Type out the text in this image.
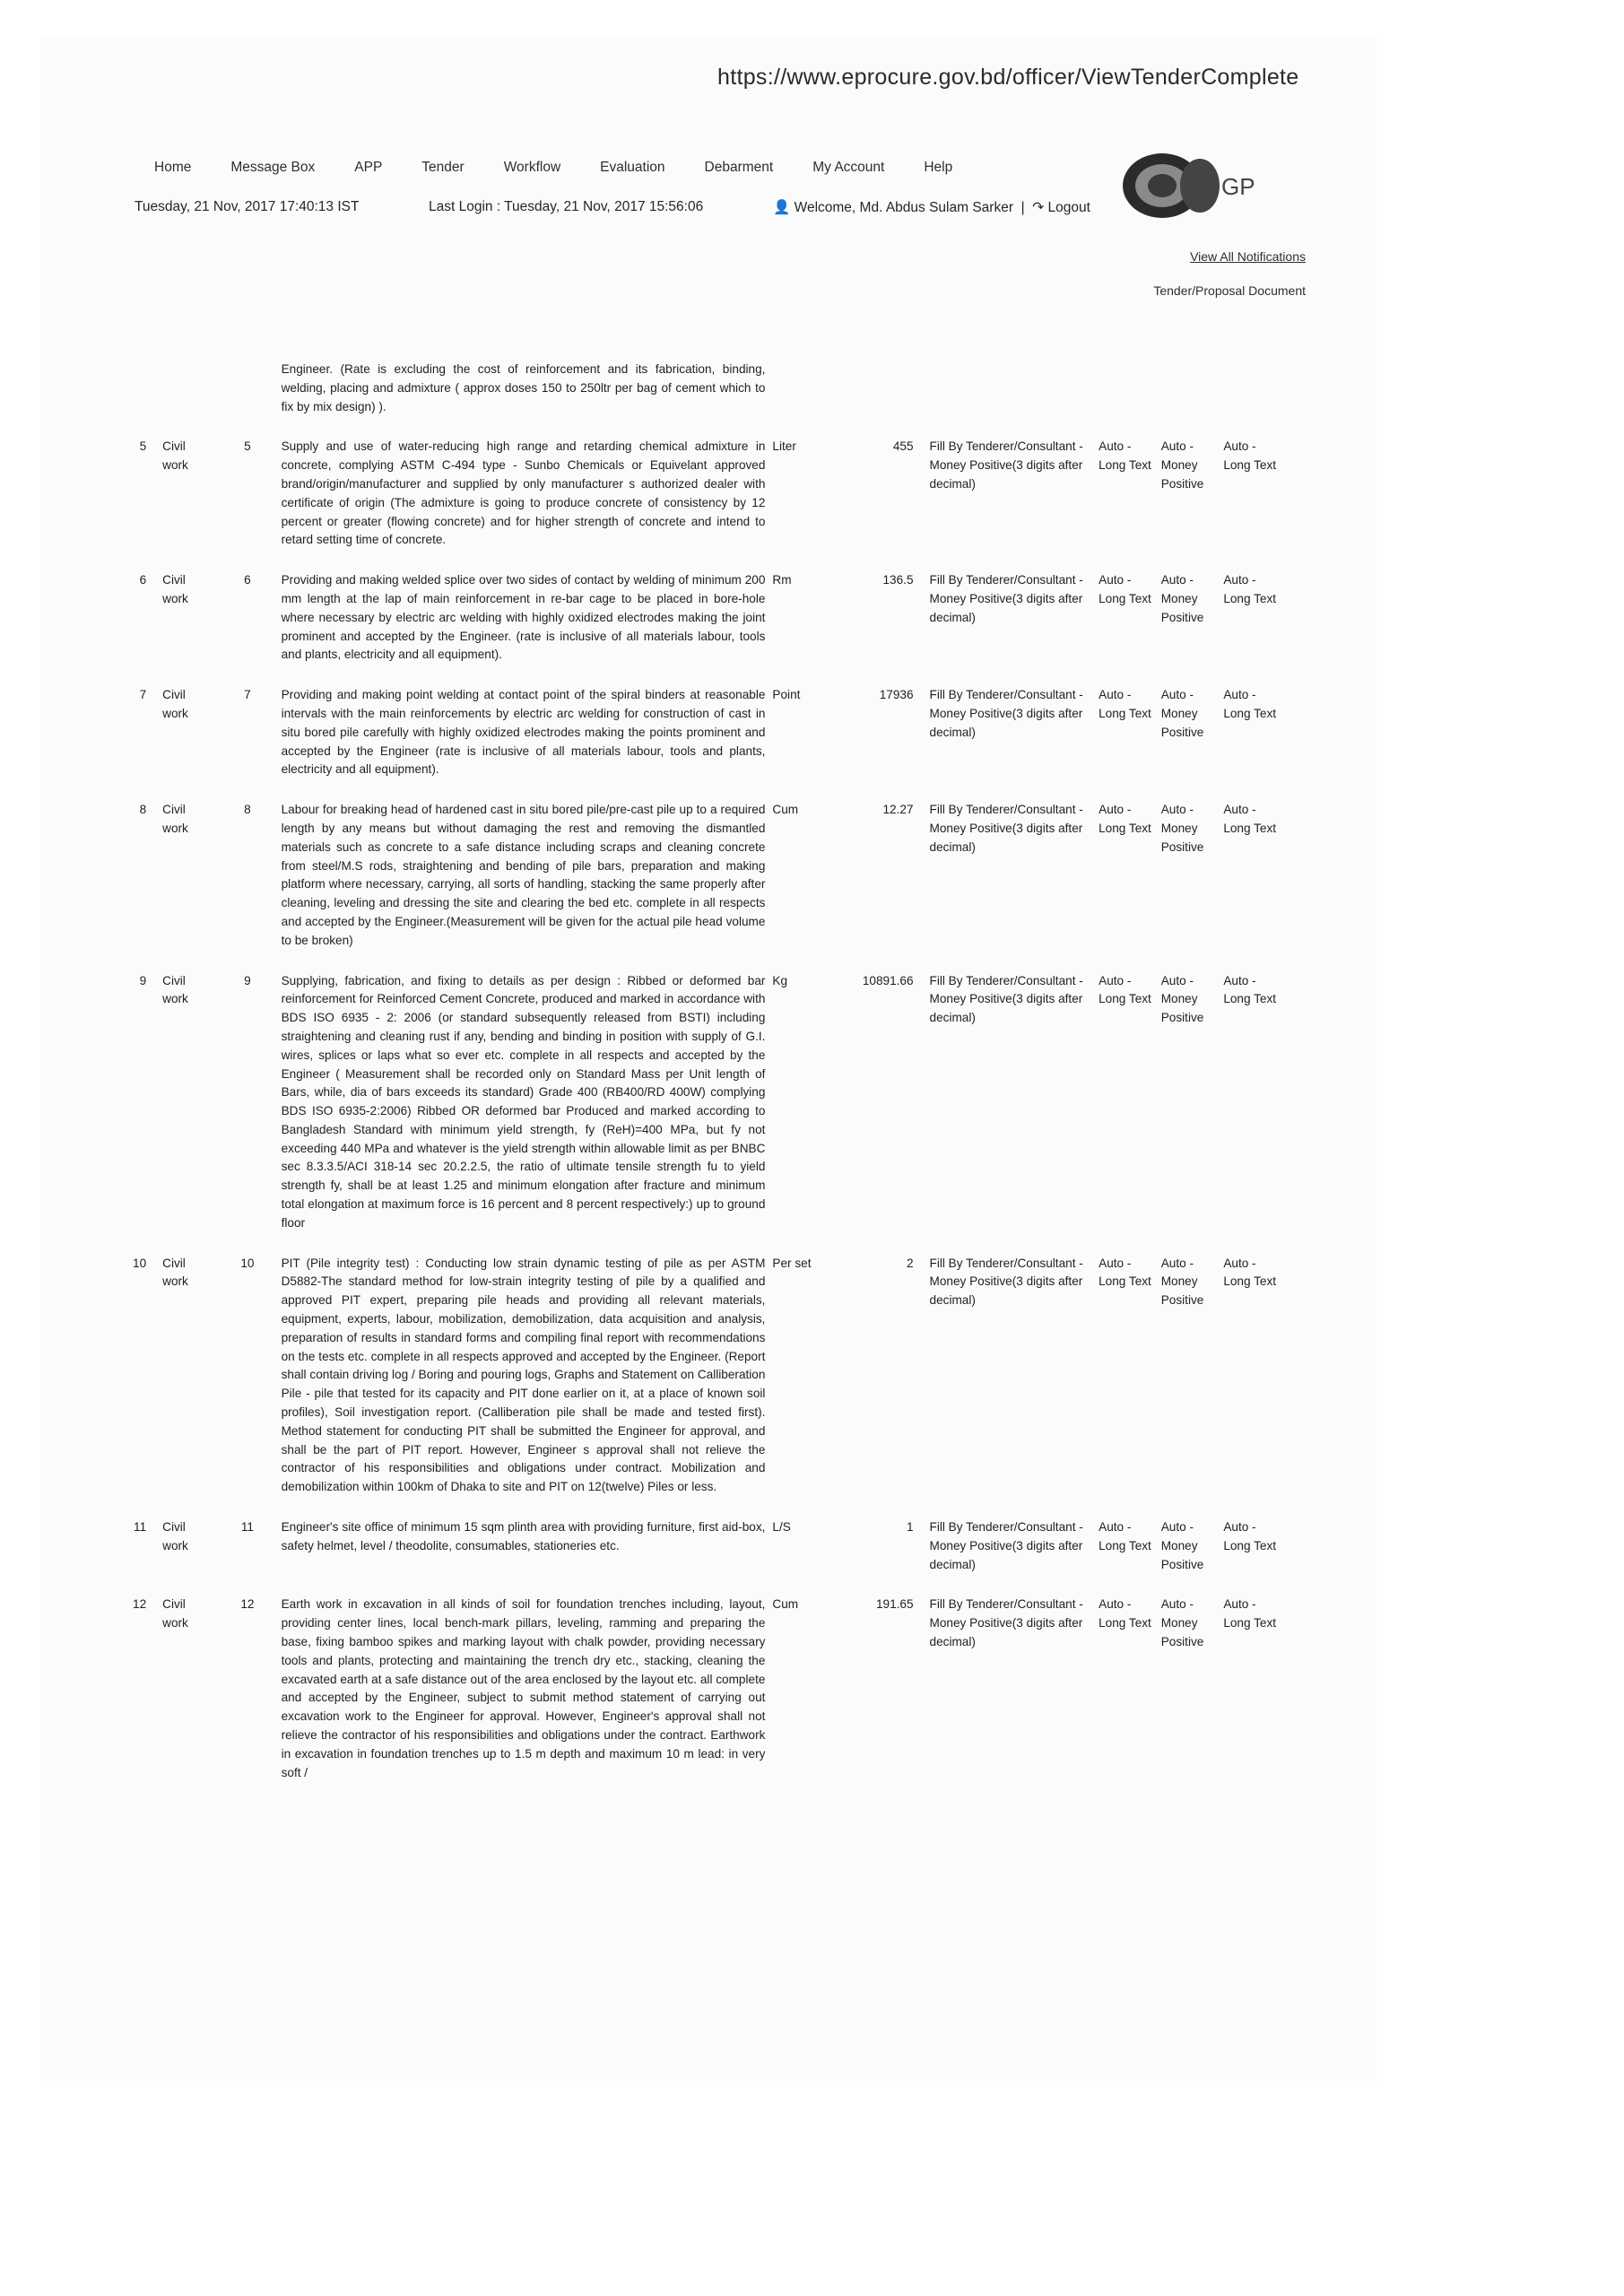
https://www.eprocure.gov.bd/officer/ViewTenderComplete
Home	Message Box	APP	Tender	Workflow	Evaluation	Debarment	My Account	Help
GP
Tuesday, 21 Nov, 2017 17:40:13 IST	Last Login : Tuesday, 21 Nov, 2017 15:56:06	👤 Welcome, Md. Abdus Sulam Sarker  |  ↷ Logout
View All Notifications
Tender/Proposal Document
			Engineer. (Rate is excluding the cost of reinforcement and its fabrication, binding, welding, placing and admixture ( approx doses 150 to 250ltr per bag of cement which to fix by mix design) ).						
5	Civil work	5	Supply and use of water-reducing high range and retarding chemical admixture in concrete, complying ASTM C-494 type - Sunbo Chemicals or Equivelant approved brand/origin/manufacturer and supplied by only manufacturer s authorized dealer with certificate of origin (The admixture is going to produce concrete of consistency by 12 percent or greater (flowing concrete) and for higher strength of concrete and intend to retard setting time of concrete.	Liter	455	Fill By Tenderer/Consultant - Money Positive(3 digits after decimal)	Auto - Long Text	Auto - Money Positive	Auto - Long Text
6	Civil work	6	Providing and making welded splice over two sides of contact by welding of minimum 200 mm length at the lap of main reinforcement in re-bar cage to be placed in bore-hole where necessary by electric arc welding with highly oxidized electrodes making the joint prominent and accepted by the Engineer. (rate is inclusive of all materials labour, tools and plants, electricity and all equipment).	Rm	136.5	Fill By Tenderer/Consultant - Money Positive(3 digits after decimal)	Auto - Long Text	Auto - Money Positive	Auto - Long Text
7	Civil work	7	Providing and making point welding at contact point of the spiral binders at reasonable intervals with the main reinforcements by electric arc welding for construction of cast in situ bored pile carefully with highly oxidized electrodes making the points prominent and accepted by the Engineer (rate is inclusive of all materials labour, tools and plants, electricity and all equipment).	Point	17936	Fill By Tenderer/Consultant - Money Positive(3 digits after decimal)	Auto - Long Text	Auto - Money Positive	Auto - Long Text
8	Civil work	8	Labour for breaking head of hardened cast in situ bored pile/pre-cast pile up to a required length by any means but without damaging the rest and removing the dismantled materials such as concrete to a safe distance including scraps and cleaning concrete from steel/M.S rods, straightening and bending of pile bars, preparation and making platform where necessary, carrying, all sorts of handling, stacking the same properly after cleaning, leveling and dressing the site and clearing the bed etc. complete in all respects and accepted by the Engineer.(Measurement will be given for the actual pile head volume to be broken)	Cum	12.27	Fill By Tenderer/Consultant - Money Positive(3 digits after decimal)	Auto - Long Text	Auto - Money Positive	Auto - Long Text
9	Civil work	9	Supplying, fabrication, and fixing to details as per design : Ribbed or deformed bar reinforcement for Reinforced Cement Concrete, produced and marked in accordance with BDS ISO 6935 - 2: 2006 (or standard subsequently released from BSTI) including straightening and cleaning rust if any, bending and binding in position with supply of G.I. wires, splices or laps what so ever etc. complete in all respects and accepted by the Engineer ( Measurement shall be recorded only on Standard Mass per Unit length of Bars, while, dia of bars exceeds its standard) Grade 400 (RB400/RD 400W) complying BDS ISO 6935-2:2006) Ribbed OR deformed bar Produced and marked according to Bangladesh Standard with minimum yield strength, fy (ReH)=400 MPa, but fy not exceeding 440 MPa and whatever is the yield strength within allowable limit as per BNBC sec 8.3.3.5/ACI 318-14 sec 20.2.2.5, the ratio of ultimate tensile strength fu to yield strength fy, shall be at least 1.25 and minimum elongation after fracture and minimum total elongation at maximum force is 16 percent and 8 percent respectively:) up to ground floor	Kg	10891.66	Fill By Tenderer/Consultant - Money Positive(3 digits after decimal)	Auto - Long Text	Auto - Money Positive	Auto - Long Text
10	Civil work	10	PIT (Pile integrity test) : Conducting low strain dynamic testing of pile as per ASTM D5882-The standard method for low-strain integrity testing of pile by a qualified and approved PIT expert, preparing pile heads and providing all relevant materials, equipment, experts, labour, mobilization, demobilization, data acquisition and analysis, preparation of results in standard forms and compiling final report with recommendations on the tests etc. complete in all respects approved and accepted by the Engineer. (Report shall contain driving log / Boring and pouring logs, Graphs and Statement on Calliberation Pile - pile that tested for its capacity and PIT done earlier on it, at a place of known soil profiles), Soil investigation report. (Calliberation pile shall be made and tested first). Method statement for conducting PIT shall be submitted the Engineer for approval, and shall be the part of PIT report. However, Engineer s approval shall not relieve the contractor of his responsibilities and obligations under contract. Mobilization and demobilization within 100km of Dhaka to site and PIT on 12(twelve) Piles or less.	Per set	2	Fill By Tenderer/Consultant - Money Positive(3 digits after decimal)	Auto - Long Text	Auto - Money Positive	Auto - Long Text
11	Civil work	11	Engineer's site office of minimum 15 sqm plinth area with providing furniture, first aid-box, safety helmet, level / theodolite, consumables, stationeries etc.	L/S	1	Fill By Tenderer/Consultant - Money Positive(3 digits after decimal)	Auto - Long Text	Auto - Money Positive	Auto - Long Text
12	Civil work	12	Earth work in excavation in all kinds of soil for foundation trenches including, layout, providing center lines, local bench-mark pillars, leveling, ramming and preparing the base, fixing bamboo spikes and marking layout with chalk powder, providing necessary tools and plants, protecting and maintaining the trench dry etc., stacking, cleaning the excavated earth at a safe distance out of the area enclosed by the layout etc. all complete and accepted by the Engineer, subject to submit method statement of carrying out excavation work to the Engineer for approval. However, Engineer's approval shall not relieve the contractor of his responsibilities and obligations under the contract. Earthwork in excavation in foundation trenches up to 1.5 m depth and maximum 10 m lead: in very soft /	Cum	191.65	Fill By Tenderer/Consultant - Money Positive(3 digits after decimal)	Auto - Long Text	Auto - Money Positive	Auto - Long Text
